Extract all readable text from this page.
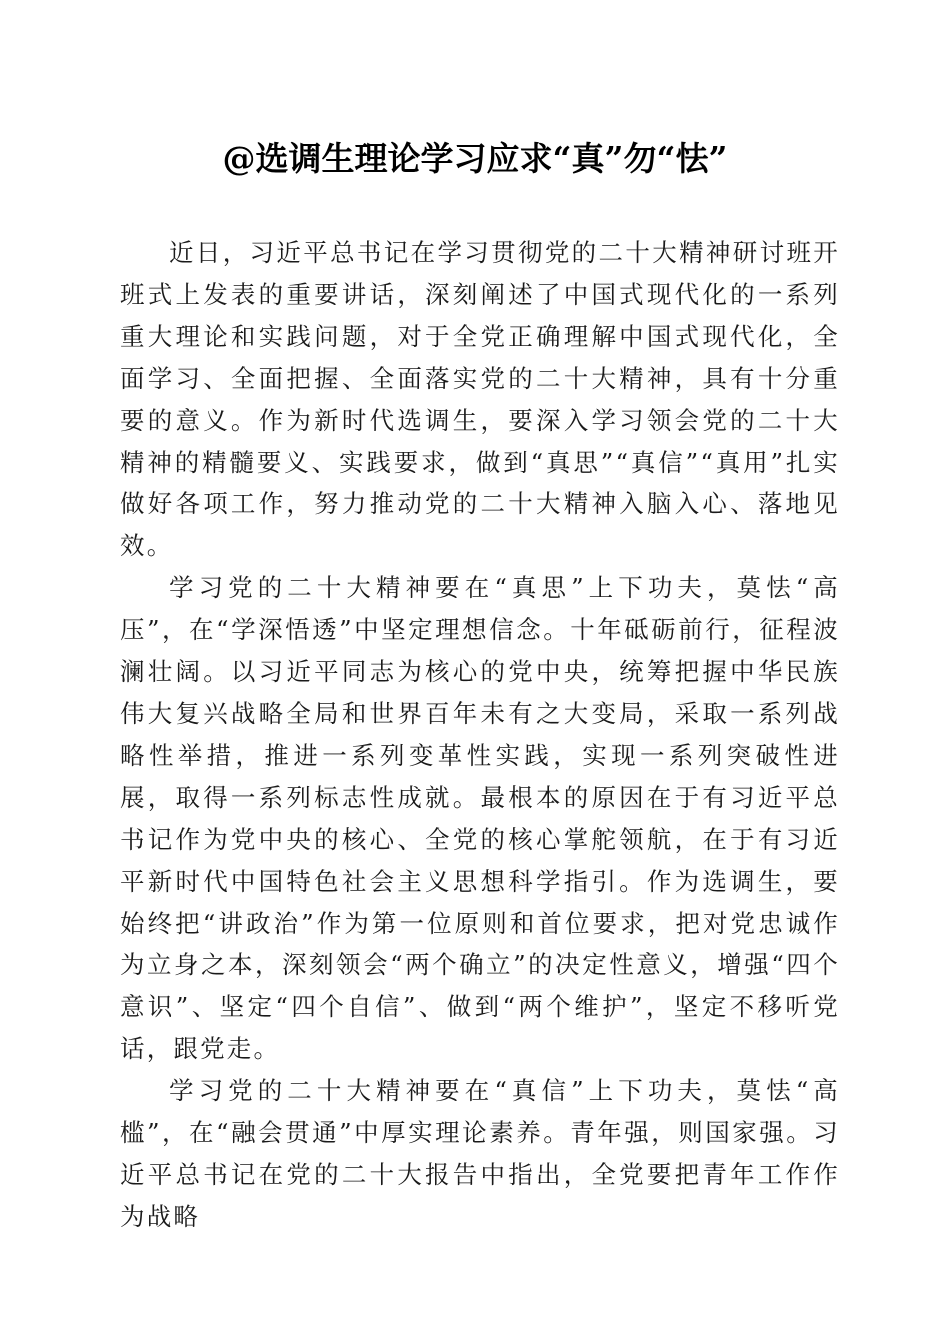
@选调生理论学习应求“真”勿“怯”

近日，习近平总书记在学习贯彻党的二十大精神研讨班开班式上发表的重要讲话，深刻阐述了中国式现代化的一系列重大理论和实践问题，对于全党正确理解中国式现代化，全面学习、全面把握、全面落实党的二十大精神，具有十分重要的意义。作为新时代选调生，要深入学习领会党的二十大精神的精髓要义、实践要求，做到“真思”“真信”“真用”扎实做好各项工作，努力推动党的二十大精神入脑入心、落地见效。

学习党的二十大精神要在“真思”上下功夫，莫怯“高压”，在“学深悟透”中坚定理想信念。十年砥砺前行，征程波澜壮阔。以习近平同志为核心的党中央，统筹把握中华民族伟大复兴战略全局和世界百年未有之大变局，采取一系列战略性举措，推进一系列变革性实践，实现一系列突破性进展，取得一系列标志性成就。最根本的原因在于有习近平总书记作为党中央的核心、全党的核心掌舵领航，在于有习近平新时代中国特色社会主义思想科学指引。作为选调生，要始终把“讲政治”作为第一位原则和首位要求，把对党忠诚作为立身之本，深刻领会“两个确立”的决定性意义，增强“四个意识”、坚定“四个自信”、做到“两个维护”，坚定不移听党话，跟党走。

学习党的二十大精神要在“真信”上下功夫，莫怯“高槛”，在“融会贯通”中厚实理论素养。青年强，则国家强。习近平总书记在党的二十大报告中指出，全党要把青年工作作为战略
